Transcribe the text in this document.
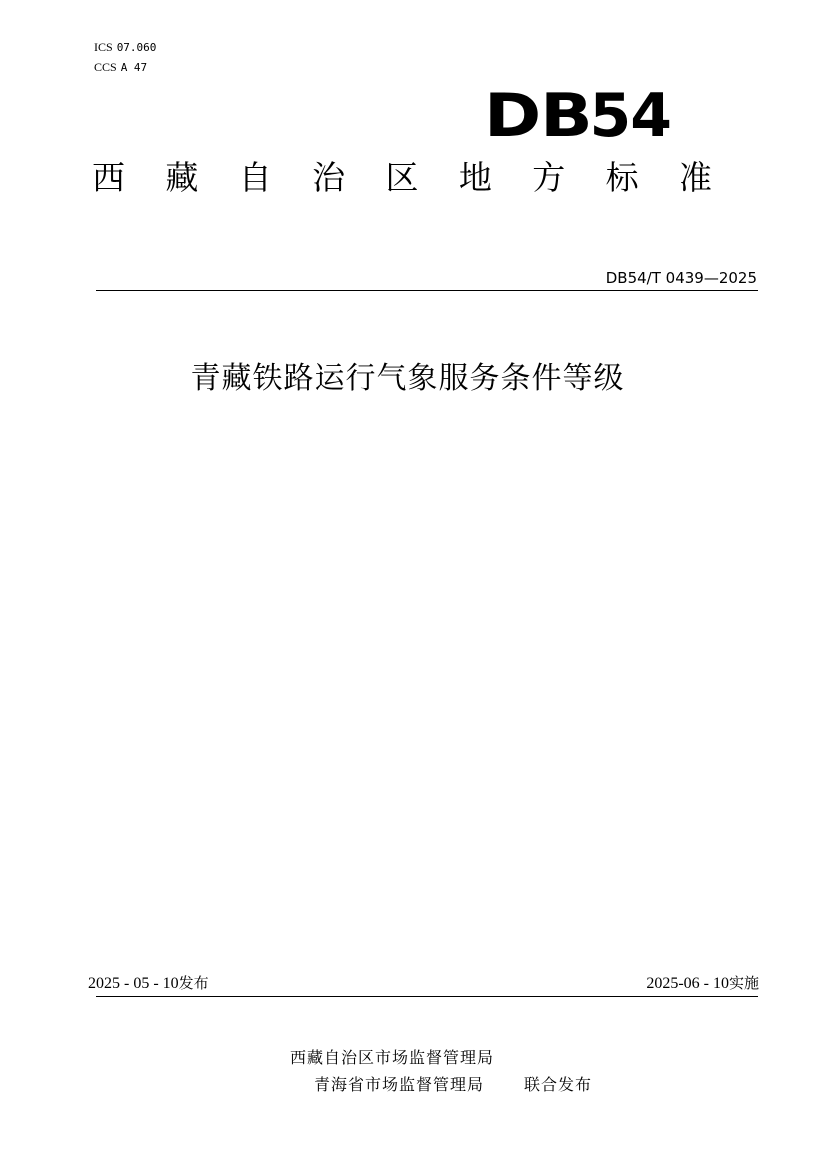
ICS 07.060
CCS A 47
DB54
西 藏 自 治 区 地 方 标 准
DB54/T 0439—2025
青藏铁路运行气象服务条件等级
2025 - 05 - 10发布	2025-06 - 10实施
西藏自治区市场监督管理局
青海省市场监督管理局	联合发布
